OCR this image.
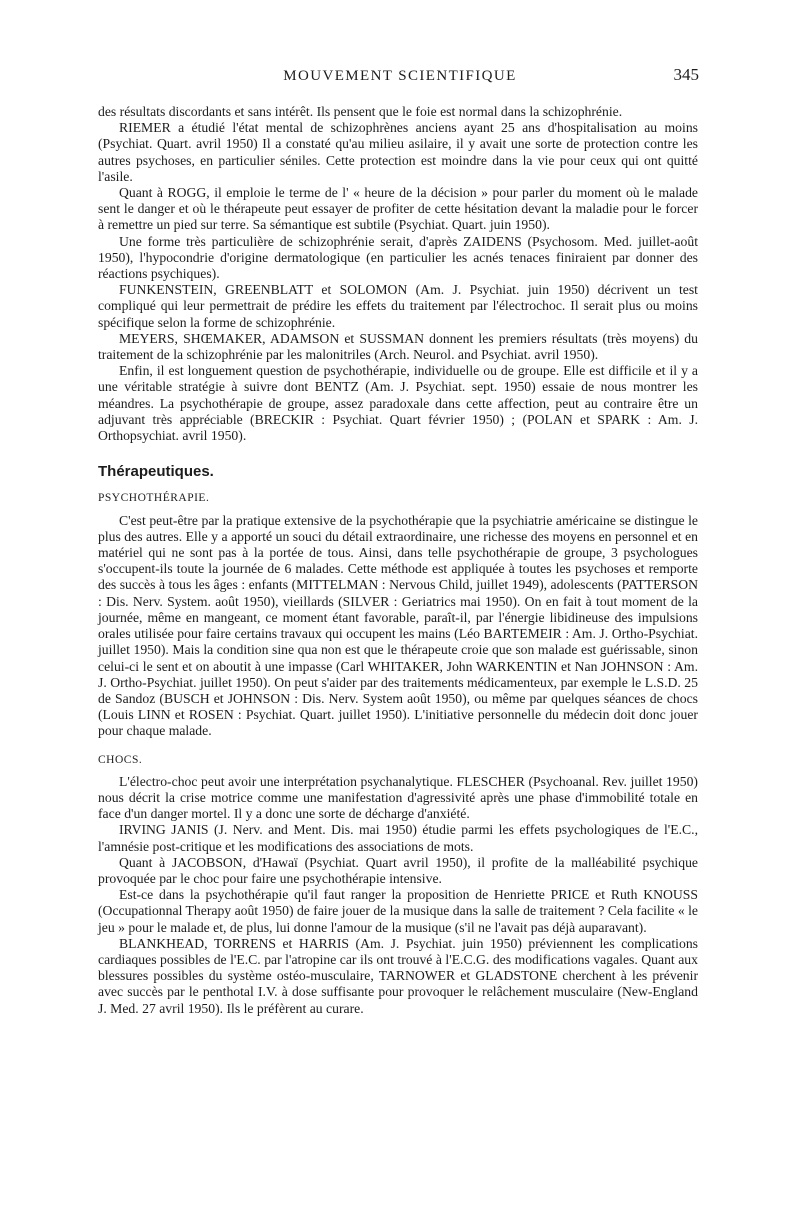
MOUVEMENT SCIENTIFIQUE	345

des résultats discordants et sans intérêt. Ils pensent que le foie est normal dans la schizophrénie.

RIEMER a étudié l'état mental de schizophrènes anciens ayant 25 ans d'hospitalisation au moins (Psychiat. Quart. avril 1950) Il a constaté qu'au milieu asilaire, il y avait une sorte de protection contre les autres psychoses, en particulier séniles. Cette protection est moindre dans la vie pour ceux qui ont quitté l'asile.

Quant à ROGG, il emploie le terme de l' « heure de la décision » pour parler du moment où le malade sent le danger et où le thérapeute peut essayer de profiter de cette hésitation devant la maladie pour le forcer à remettre un pied sur terre. Sa sémantique est subtile (Psychiat. Quart. juin 1950).

Une forme très particulière de schizophrénie serait, d'après ZAIDENS (Psychosom. Med. juillet-août 1950), l'hypocondrie d'origine dermatologique (en particulier les acnés tenaces finiraient par donner des réactions psychiques).

FUNKENSTEIN, GREENBLATT et SOLOMON (Am. J. Psychiat. juin 1950) décrivent un test compliqué qui leur permettrait de prédire les effets du traitement par l'électrochoc. Il serait plus ou moins spécifique selon la forme de schizophrénie.

MEYERS, SHŒMAKER, ADAMSON et SUSSMAN donnent les premiers résultats (très moyens) du traitement de la schizophrénie par les malonitriles (Arch. Neurol. and Psychiat. avril 1950).

Enfin, il est longuement question de psychothérapie, individuelle ou de groupe. Elle est difficile et il y a une véritable stratégie à suivre dont BENTZ (Am. J. Psychiat. sept. 1950) essaie de nous montrer les méandres. La psychothérapie de groupe, assez paradoxale dans cette affection, peut au contraire être un adjuvant très appréciable (BRECKIR : Psychiat. Quart février 1950) ; (POLAN et SPARK : Am. J. Orthopsychiat. avril 1950).

Thérapeutiques.
PSYCHOTHÉRAPIE.

C'est peut-être par la pratique extensive de la psychothérapie que la psychiatrie américaine se distingue le plus des autres. Elle y a apporté un souci du détail extraordinaire, une richesse des moyens en personnel et en matériel qui ne sont pas à la portée de tous. Ainsi, dans telle psychothérapie de groupe, 3 psychologues s'occupent-ils toute la journée de 6 malades. Cette méthode est appliquée à toutes les psychoses et remporte des succès à tous les âges : enfants (MITTELMAN : Nervous Child, juillet 1949), adolescents (PATTERSON : Dis. Nerv. System. août 1950), vieillards (SILVER : Geriatrics mai 1950). On en fait à tout moment de la journée, même en mangeant, ce moment étant favorable, paraît-il, par l'énergie libidineuse des impulsions orales utilisée pour faire certains travaux qui occupent les mains (Léo BARTEMEIR : Am. J. Ortho-Psychiat. juillet 1950). Mais la condition sine qua non est que le thérapeute croie que son malade est guérissable, sinon celui-ci le sent et on aboutit à une impasse (Carl WHITAKER, John WARKENTIN et Nan JOHNSON : Am. J. Ortho-Psychiat. juillet 1950). On peut s'aider par des traitements médicamenteux, par exemple le L.S.D. 25 de Sandoz (BUSCH et JOHNSON : Dis. Nerv. System août 1950), ou même par quelques séances de chocs (Louis LINN et ROSEN : Psychiat. Quart. juillet 1950). L'initiative personnelle du médecin doit donc jouer pour chaque malade.

CHOCS.

L'électro-choc peut avoir une interprétation psychanalytique. FLESCHER (Psychoanal. Rev. juillet 1950) nous décrit la crise motrice comme une manifestation d'agressivité après une phase d'immobilité totale en face d'un danger mortel. Il y a donc une sorte de décharge d'anxiété.

IRVING JANIS (J. Nerv. and Ment. Dis. mai 1950) étudie parmi les effets psychologiques de l'E.C., l'amnésie post-critique et les modifications des associations de mots.

Quant à JACOBSON, d'Hawaï (Psychiat. Quart avril 1950), il profite de la malléabilité psychique provoquée par le choc pour faire une psychothérapie intensive.

Est-ce dans la psychothérapie qu'il faut ranger la proposition de Henriette PRICE et Ruth KNOUSS (Occupationnal Therapy août 1950) de faire jouer de la musique dans la salle de traitement ? Cela facilite « le jeu » pour le malade et, de plus, lui donne l'amour de la musique (s'il ne l'avait pas déjà auparavant).

BLANKHEAD, TORRENS et HARRIS (Am. J. Psychiat. juin 1950) préviennent les complications cardiaques possibles de l'E.C. par l'atropine car ils ont trouvé à l'E.C.G. des modifications vagales. Quant aux blessures possibles du système ostéo-musculaire, TARNOWER et GLADSTONE cherchent à les prévenir avec succès par le penthotal I.V. à dose suffisante pour provoquer le relâchement musculaire (New-England J. Med. 27 avril 1950). Ils le préfèrent au curare.
